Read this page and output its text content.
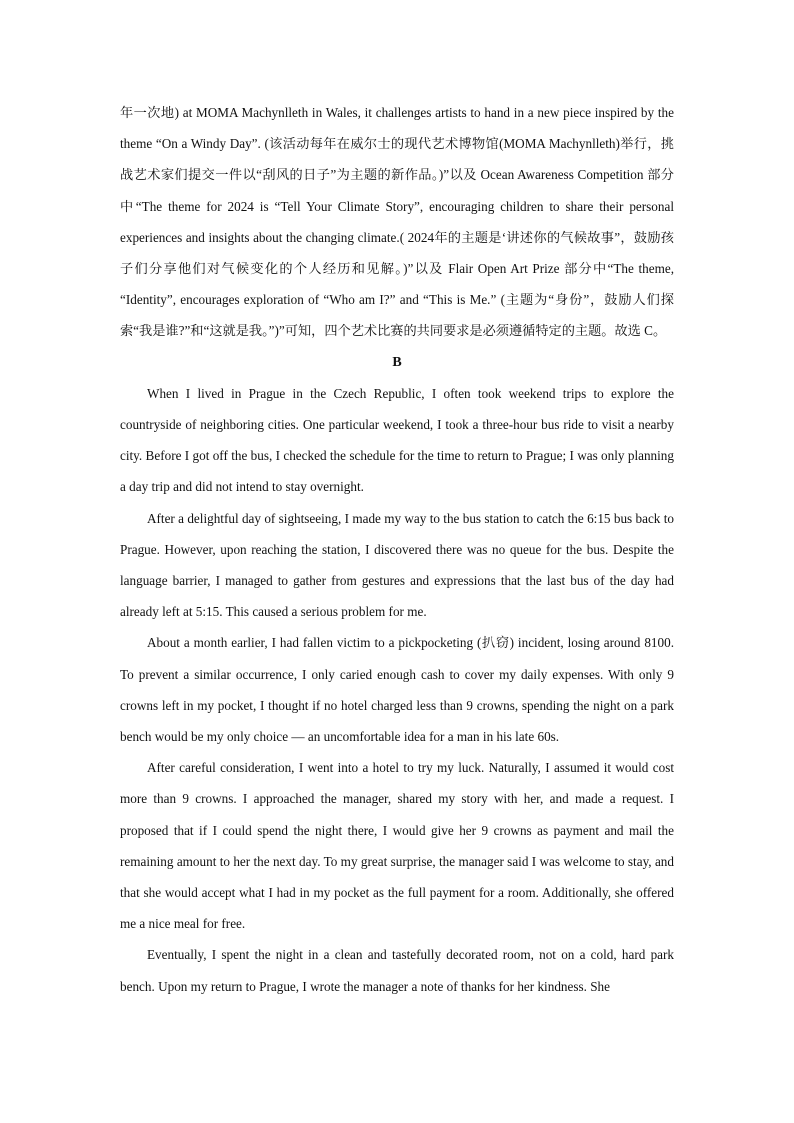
年一次地) at MOMA Machynlleth in Wales, it challenges artists to hand in a new piece inspired by the theme “On a Windy Day”. (该活动每年在威尔士的现代艺术博物馆(MOMA Machynlleth)举行，挑战艺术家们提交一件以“刮风的日子”为主题的新作品。)”以及 Ocean Awareness Competition 部分中“The theme for 2024 is “Tell Your Climate Story”, encouraging children to share their personal experiences and insights about the changing climate.( 2024年的主题是‘讲述你的气候故事”，鼓励孩子们分享他们对气候变化的个人经历和见解。)”以及 Flair Open Art Prize 部分中“The theme, “Identity”, encourages exploration of “Who am I?” and “This is Me.” (主题为“身份”，鼓励人们探索“我是谁?”和“这就是我。”)”可知，四个艺术比赛的共同要求是必须遵循特定的主题。故选 C。

B

When I lived in Prague in the Czech Republic, I often took weekend trips to explore the countryside of neighboring cities. One particular weekend, I took a three-hour bus ride to visit a nearby city. Before I got off the bus, I checked the schedule for the time to return to Prague; I was only planning a day trip and did not intend to stay overnight.

After a delightful day of sightseeing, I made my way to the bus station to catch the 6:15 bus back to Prague. However, upon reaching the station, I discovered there was no queue for the bus. Despite the language barrier, I managed to gather from gestures and expressions that the last bus of the day had already left at 5:15. This caused a serious problem for me.

About a month earlier, I had fallen victim to a pickpocketing (扒窃) incident, losing around 8100. To prevent a similar occurrence, I only caried enough cash to cover my daily expenses. With only 9 crowns left in my pocket, I thought if no hotel charged less than 9 crowns, spending the night on a park bench would be my only choice — an uncomfortable idea for a man in his late 60s.

After careful consideration, I went into a hotel to try my luck. Naturally, I assumed it would cost more than 9 crowns. I approached the manager, shared my story with her, and made a request. I proposed that if I could spend the night there, I would give her 9 crowns as payment and mail the remaining amount to her the next day. To my great surprise, the manager said I was welcome to stay, and that she would accept what I had in my pocket as the full payment for a room. Additionally, she offered me a nice meal for free.

Eventually, I spent the night in a clean and tastefully decorated room, not on a cold, hard park bench. Upon my return to Prague, I wrote the manager a note of thanks for her kindness. She
